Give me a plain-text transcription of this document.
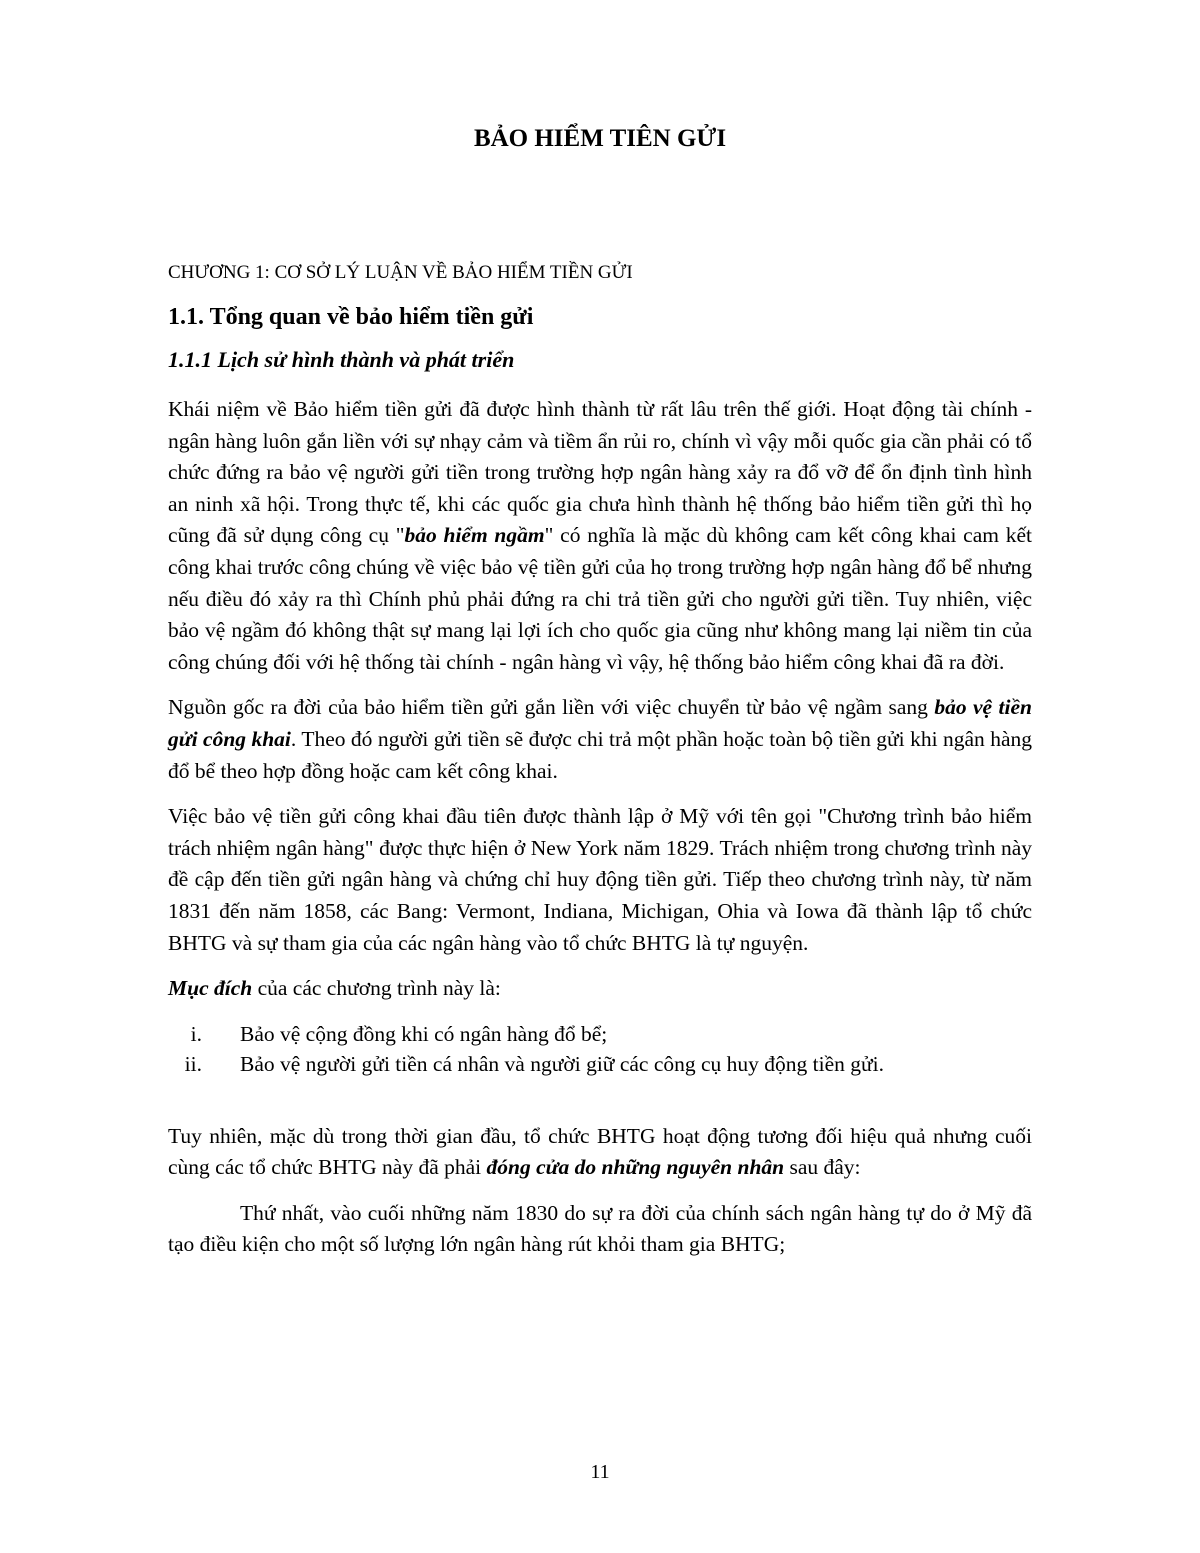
BẢO HIỂM TIÊN GỬI
CHƯƠNG 1: CƠ SỞ LÝ LUẬN VỀ BẢO HIỂM TIỀN GỬI
1.1. Tổng quan về bảo hiểm tiền gửi
1.1.1 Lịch sử hình thành và phát triển

Khái niệm về Bảo hiểm tiền gửi đã được hình thành từ rất lâu trên thế giới. Hoạt động tài chính - ngân hàng luôn gắn liền với sự nhạy cảm và tiềm ẩn rủi ro, chính vì vậy mỗi quốc gia cần phải có tổ chức đứng ra bảo vệ người gửi tiền trong trường hợp ngân hàng xảy ra đổ vỡ để ổn định tình hình an ninh xã hội. Trong thực tế, khi các quốc gia chưa hình thành hệ thống bảo hiểm tiền gửi thì họ cũng đã sử dụng công cụ "bảo hiểm ngầm" có nghĩa là mặc dù không cam kết công khai cam kết công khai trước công chúng về việc bảo vệ tiền gửi của họ trong trường hợp ngân hàng đổ bể nhưng nếu điều đó xảy ra thì Chính phủ phải đứng ra chi trả tiền gửi cho người gửi tiền. Tuy nhiên, việc bảo vệ ngầm đó không thật sự mang lại lợi ích cho quốc gia cũng như không mang lại niềm tin của công chúng đối với hệ thống tài chính - ngân hàng vì vậy, hệ thống bảo hiểm công khai đã ra đời.

Nguồn gốc ra đời của bảo hiểm tiền gửi gắn liền với việc chuyển từ bảo vệ ngầm sang bảo vệ tiền gửi công khai. Theo đó người gửi tiền sẽ được chi trả một phần hoặc toàn bộ tiền gửi khi ngân hàng đổ bể theo hợp đồng hoặc cam kết công khai.

Việc bảo vệ tiền gửi công khai đầu tiên được thành lập ở Mỹ với tên gọi "Chương trình bảo hiểm trách nhiệm ngân hàng" được thực hiện ở New York năm 1829. Trách nhiệm trong chương trình này đề cập đến tiền gửi ngân hàng và chứng chỉ huy động tiền gửi. Tiếp theo chương trình này, từ năm 1831 đến năm 1858, các Bang: Vermont, Indiana, Michigan, Ohia và Iowa đã thành lập tổ chức BHTG và sự tham gia của các ngân hàng vào tổ chức BHTG là tự nguyện.

Mục đích của các chương trình này là:

i. Bảo vệ cộng đồng khi có ngân hàng đổ bể;
ii. Bảo vệ người gửi tiền cá nhân và người giữ các công cụ huy động tiền gửi.

Tuy nhiên, mặc dù trong thời gian đầu, tổ chức BHTG hoạt động tương đối hiệu quả nhưng cuối cùng các tổ chức BHTG này đã phải đóng cửa do những nguyên nhân sau đây:

Thứ nhất, vào cuối những năm 1830 do sự ra đời của chính sách ngân hàng tự do ở Mỹ đã tạo điều kiện cho một số lượng lớn ngân hàng rút khỏi tham gia BHTG;

11
